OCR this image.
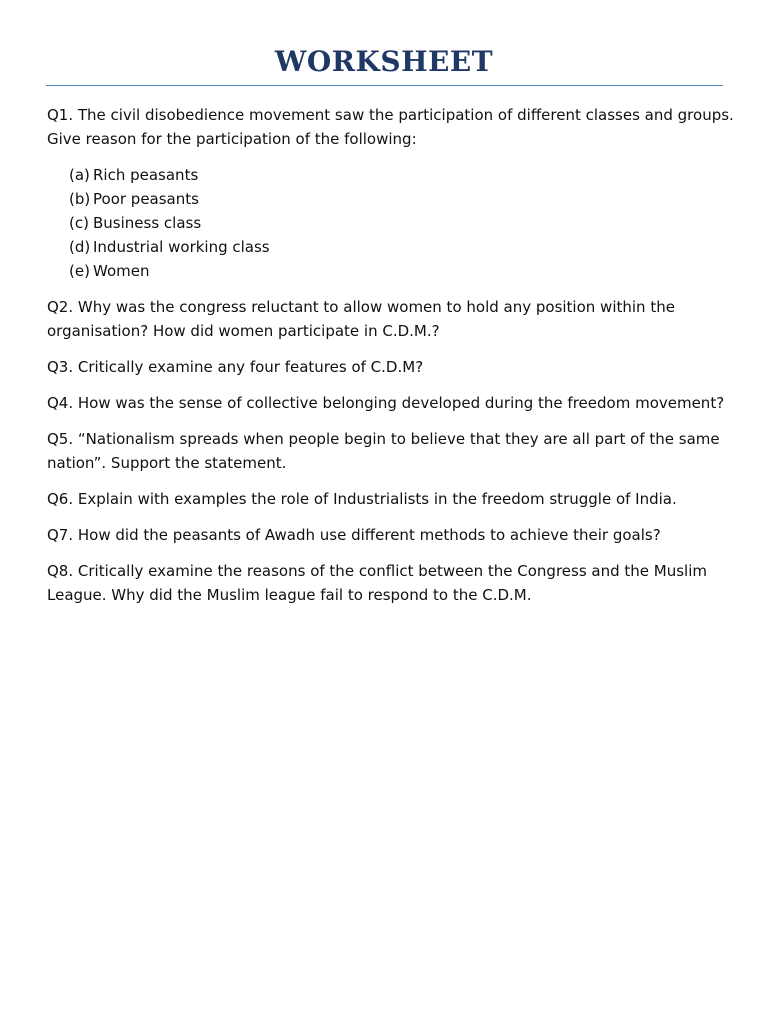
WORKSHEET

Q1. The civil disobedience movement saw the participation of different classes and groups. Give reason for the participation of the following:

(a) Rich peasants
(b) Poor peasants
(c) Business class
(d) Industrial working class
(e) Women

Q2. Why was the congress reluctant to allow women to hold any position within the organisation? How did women participate in C.D.M.?

Q3. Critically examine any four features of C.D.M?

Q4. How was the sense of collective belonging developed during the freedom movement?

Q5. “Nationalism spreads when people begin to believe that they are all part of the same nation”. Support the statement.

Q6. Explain with examples the role of Industrialists in the freedom struggle of India.

Q7. How did the peasants of Awadh use different methods to achieve their goals?

Q8. Critically examine the reasons of the conflict between the Congress and the Muslim League. Why did the Muslim league fail to respond to the C.D.M.
